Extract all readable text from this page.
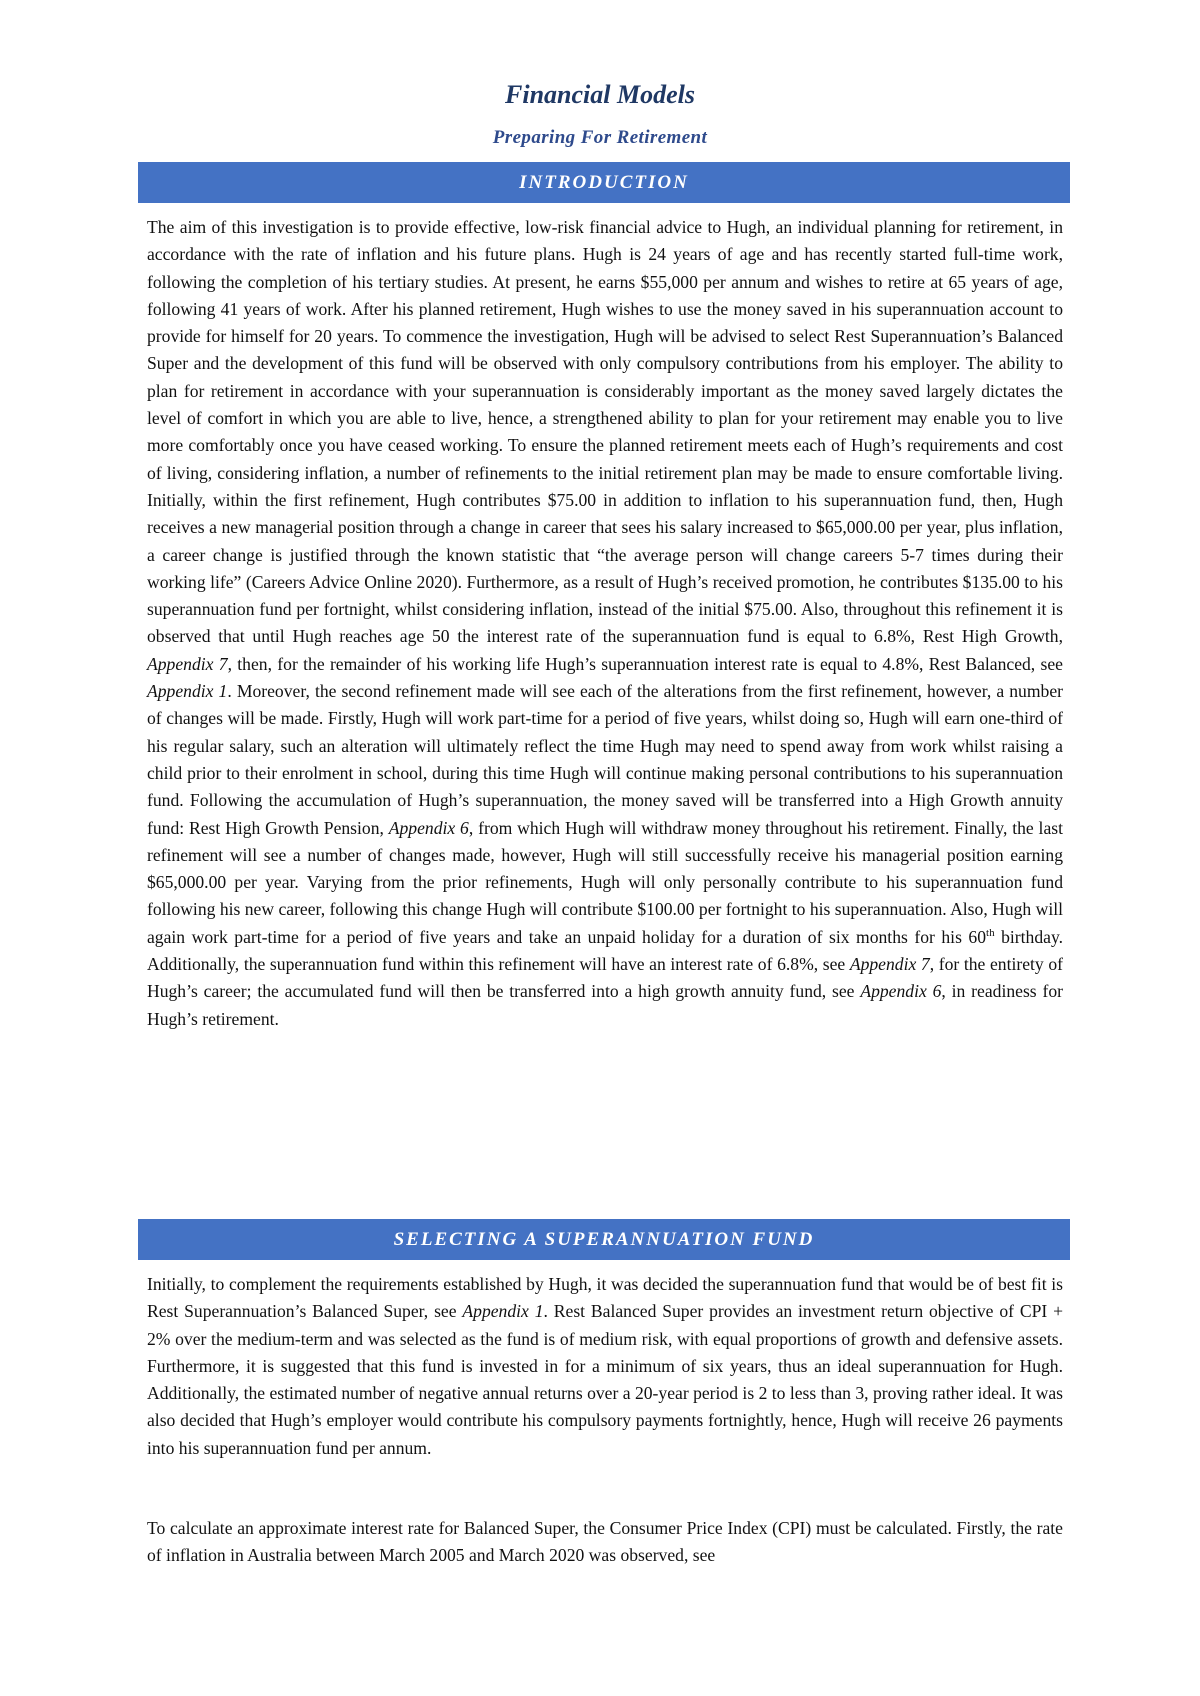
Financial Models
Preparing For Retirement
INTRODUCTION

The aim of this investigation is to provide effective, low-risk financial advice to Hugh, an individual planning for retirement, in accordance with the rate of inflation and his future plans. Hugh is 24 years of age and has recently started full-time work, following the completion of his tertiary studies. At present, he earns $55,000 per annum and wishes to retire at 65 years of age, following 41 years of work. After his planned retirement, Hugh wishes to use the money saved in his superannuation account to provide for himself for 20 years. To commence the investigation, Hugh will be advised to select Rest Superannuation’s Balanced Super and the development of this fund will be observed with only compulsory contributions from his employer. The ability to plan for retirement in accordance with your superannuation is considerably important as the money saved largely dictates the level of comfort in which you are able to live, hence, a strengthened ability to plan for your retirement may enable you to live more comfortably once you have ceased working. To ensure the planned retirement meets each of Hugh’s requirements and cost of living, considering inflation, a number of refinements to the initial retirement plan may be made to ensure comfortable living. Initially, within the first refinement, Hugh contributes $75.00 in addition to inflation to his superannuation fund, then, Hugh receives a new managerial position through a change in career that sees his salary increased to $65,000.00 per year, plus inflation, a career change is justified through the known statistic that “the average person will change careers 5-7 times during their working life” (Careers Advice Online 2020). Furthermore, as a result of Hugh’s received promotion, he contributes $135.00 to his superannuation fund per fortnight, whilst considering inflation, instead of the initial $75.00. Also, throughout this refinement it is observed that until Hugh reaches age 50 the interest rate of the superannuation fund is equal to 6.8%, Rest High Growth, Appendix 7, then, for the remainder of his working life Hugh’s superannuation interest rate is equal to 4.8%, Rest Balanced, see Appendix 1. Moreover, the second refinement made will see each of the alterations from the first refinement, however, a number of changes will be made. Firstly, Hugh will work part-time for a period of five years, whilst doing so, Hugh will earn one-third of his regular salary, such an alteration will ultimately reflect the time Hugh may need to spend away from work whilst raising a child prior to their enrolment in school, during this time Hugh will continue making personal contributions to his superannuation fund. Following the accumulation of Hugh’s superannuation, the money saved will be transferred into a High Growth annuity fund: Rest High Growth Pension, Appendix 6, from which Hugh will withdraw money throughout his retirement. Finally, the last refinement will see a number of changes made, however, Hugh will still successfully receive his managerial position earning $65,000.00 per year. Varying from the prior refinements, Hugh will only personally contribute to his superannuation fund following his new career, following this change Hugh will contribute $100.00 per fortnight to his superannuation. Also, Hugh will again work part-time for a period of five years and take an unpaid holiday for a duration of six months for his 60th birthday. Additionally, the superannuation fund within this refinement will have an interest rate of 6.8%, see Appendix 7, for the entirety of Hugh’s career; the accumulated fund will then be transferred into a high growth annuity fund, see Appendix 6, in readiness for Hugh’s retirement.

SELECTING A SUPERANNUATION FUND

Initially, to complement the requirements established by Hugh, it was decided the superannuation fund that would be of best fit is Rest Superannuation’s Balanced Super, see Appendix 1. Rest Balanced Super provides an investment return objective of CPI + 2% over the medium-term and was selected as the fund is of medium risk, with equal proportions of growth and defensive assets. Furthermore, it is suggested that this fund is invested in for a minimum of six years, thus an ideal superannuation for Hugh. Additionally, the estimated number of negative annual returns over a 20-year period is 2 to less than 3, proving rather ideal. It was also decided that Hugh’s employer would contribute his compulsory payments fortnightly, hence, Hugh will receive 26 payments into his superannuation fund per annum.

To calculate an approximate interest rate for Balanced Super, the Consumer Price Index (CPI) must be calculated. Firstly, the rate of inflation in Australia between March 2005 and March 2020 was observed, see
